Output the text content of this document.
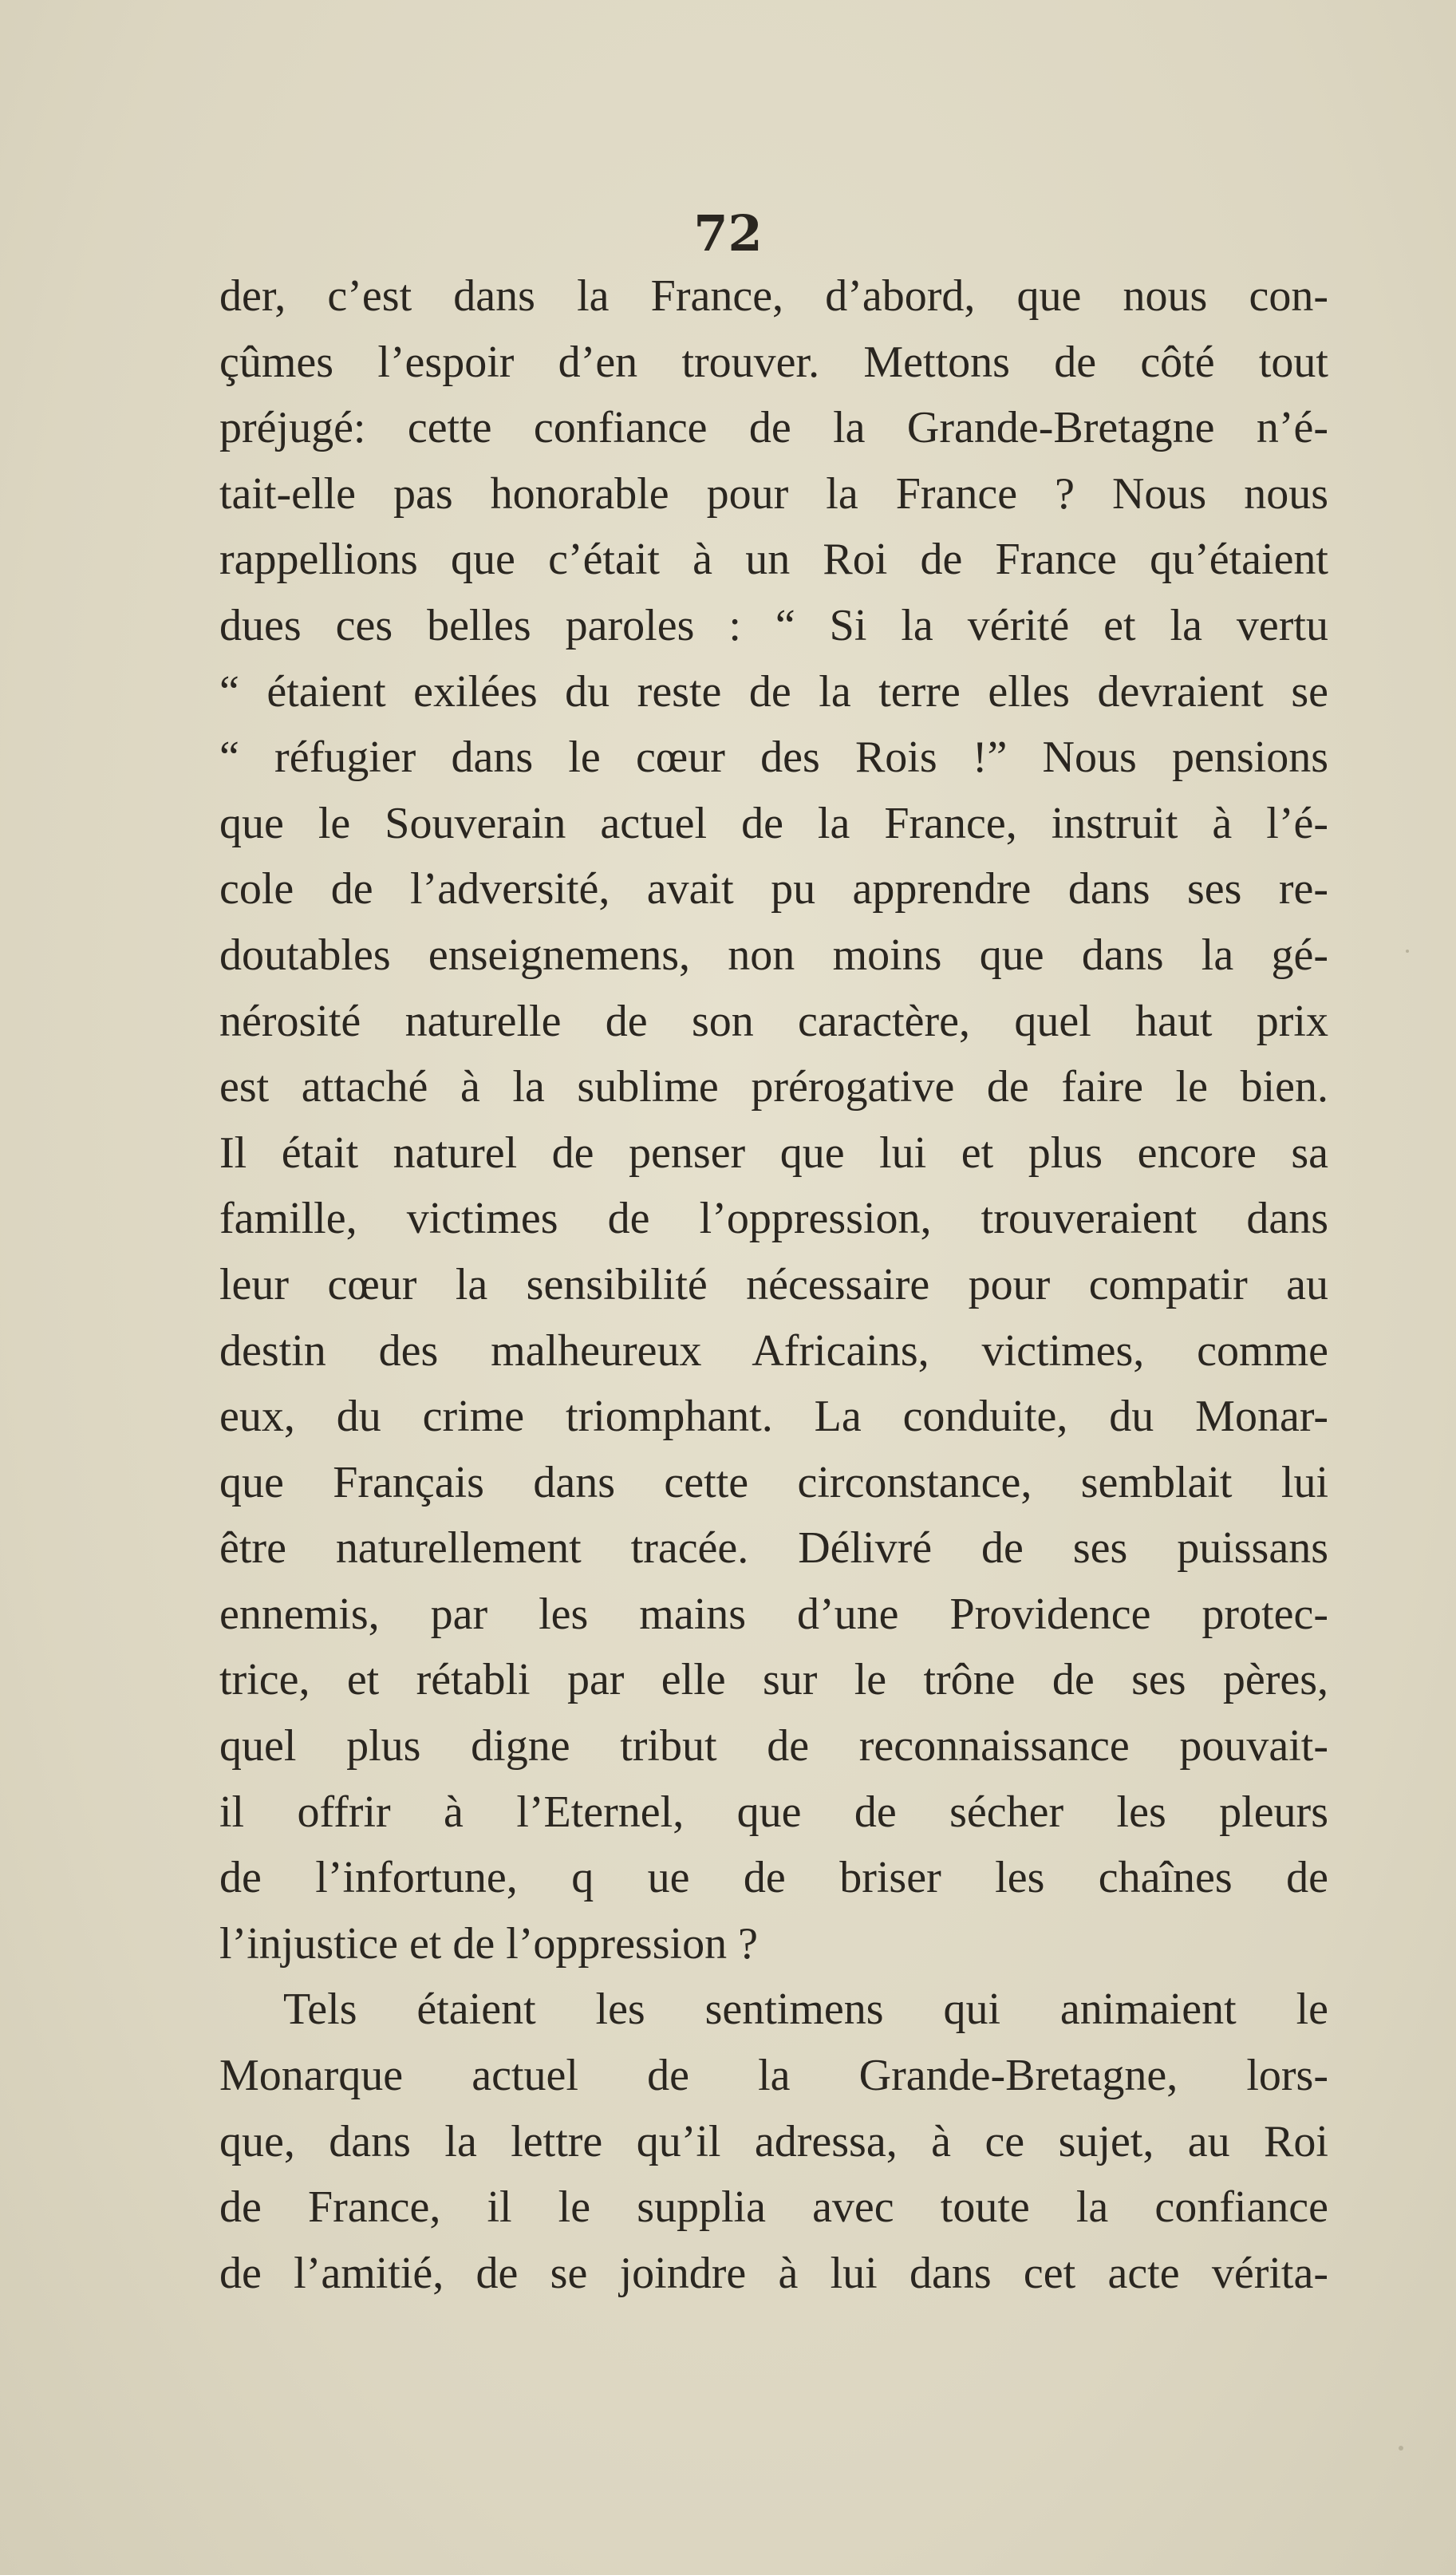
72
der, c’est dans la France, d’abord, que nous con-
çûmes l’espoir d’en trouver. Mettons de côté tout
préjugé: cette confiance de la Grande-Bretagne n’é-
tait-elle pas honorable pour la France ? Nous nous
rappellions que c’était à un Roi de France qu’étaient
dues ces belles paroles : “ Si la vérité et la vertu
“ étaient exilées du reste de la terre elles devraient se
“ réfugier dans le cœur des Rois !” Nous pensions
que le Souverain actuel de la France, instruit à l’é-
cole de l’adversité, avait pu apprendre dans ses re-
doutables enseignemens, non moins que dans la gé-
nérosité naturelle de son caractère, quel haut prix
est attaché à la sublime prérogative de faire le bien.
Il était naturel de penser que lui et plus encore sa
famille, victimes de l’oppression, trouveraient dans
leur cœur la sensibilité nécessaire pour compatir au
destin des malheureux Africains, victimes, comme
eux, du crime triomphant. La conduite, du Monar-
que Français dans cette circonstance, semblait lui
être naturellement tracée. Délivré de ses puissans
ennemis, par les mains d’une Providence protec-
trice, et rétabli par elle sur le trône de ses pères,
quel plus digne tribut de reconnaissance pouvait-
il offrir à l’Eternel, que de sécher les pleurs
de l’infortune, q ue de briser les chaînes de
l’injustice et de l’oppression ?
Tels étaient les sentimens qui animaient le
Monarque actuel de la Grande-Bretagne, lors-
que, dans la lettre qu’il adressa, à ce sujet, au Roi
de France, il le supplia avec toute la confiance
de l’amitié, de se joindre à lui dans cet acte vérita-
